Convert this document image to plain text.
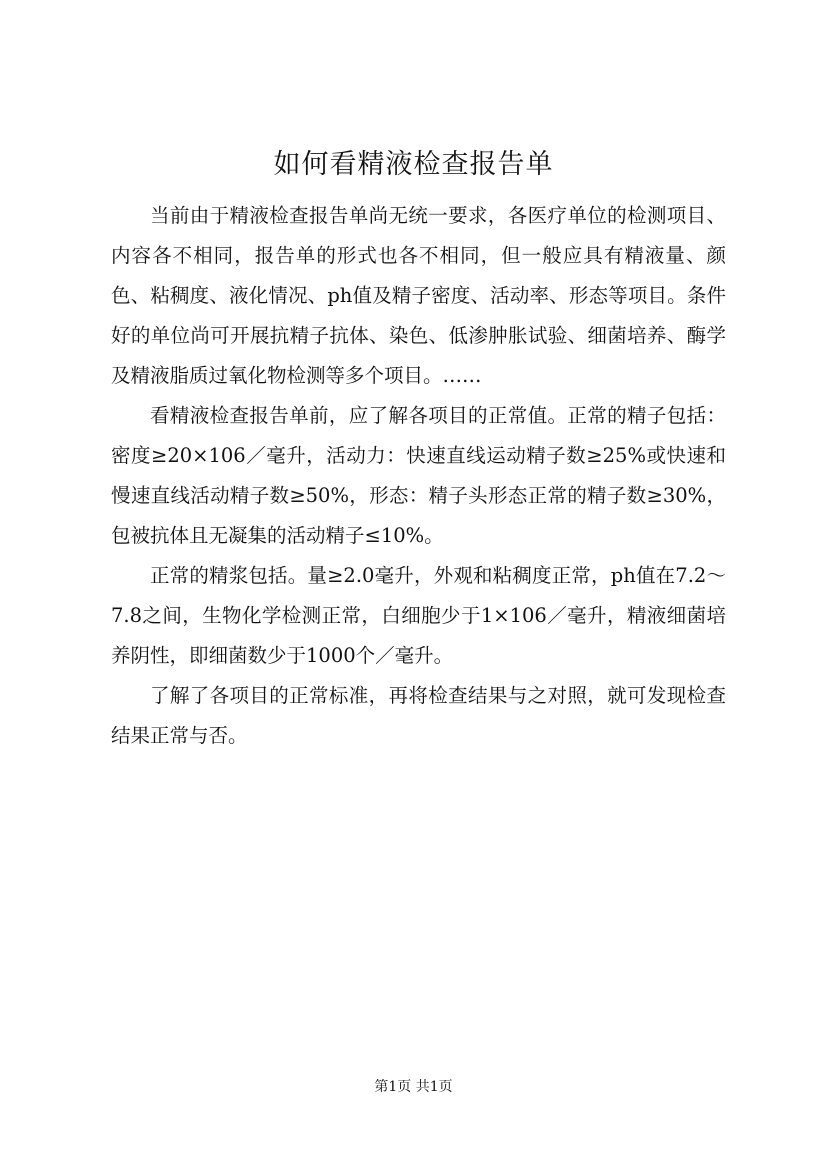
如何看精液检查报告单

当前由于精液检查报告单尚无统一要求，各医疗单位的检测项目、内容各不相同，报告单的形式也各不相同，但一般应具有精液量、颜色、粘稠度、液化情况、ph值及精子密度、活动率、形态等项目。条件好的单位尚可开展抗精子抗体、染色、低渗肿胀试验、细菌培养、酶学及精液脂质过氧化物检测等多个项目。……

看精液检查报告单前，应了解各项目的正常值。正常的精子包括：密度≥20×106／毫升，活动力：快速直线运动精子数≥25%或快速和慢速直线活动精子数≥50%，形态：精子头形态正常的精子数≥30%，包被抗体且无凝集的活动精子≤10%。

正常的精浆包括。量≥2.0毫升，外观和粘稠度正常，ph值在7.2～7.8之间，生物化学检测正常，白细胞少于1×106／毫升，精液细菌培养阴性，即细菌数少于1000个／毫升。

了解了各项目的正常标准，再将检查结果与之对照，就可发现检查结果正常与否。

第1页 共1页
